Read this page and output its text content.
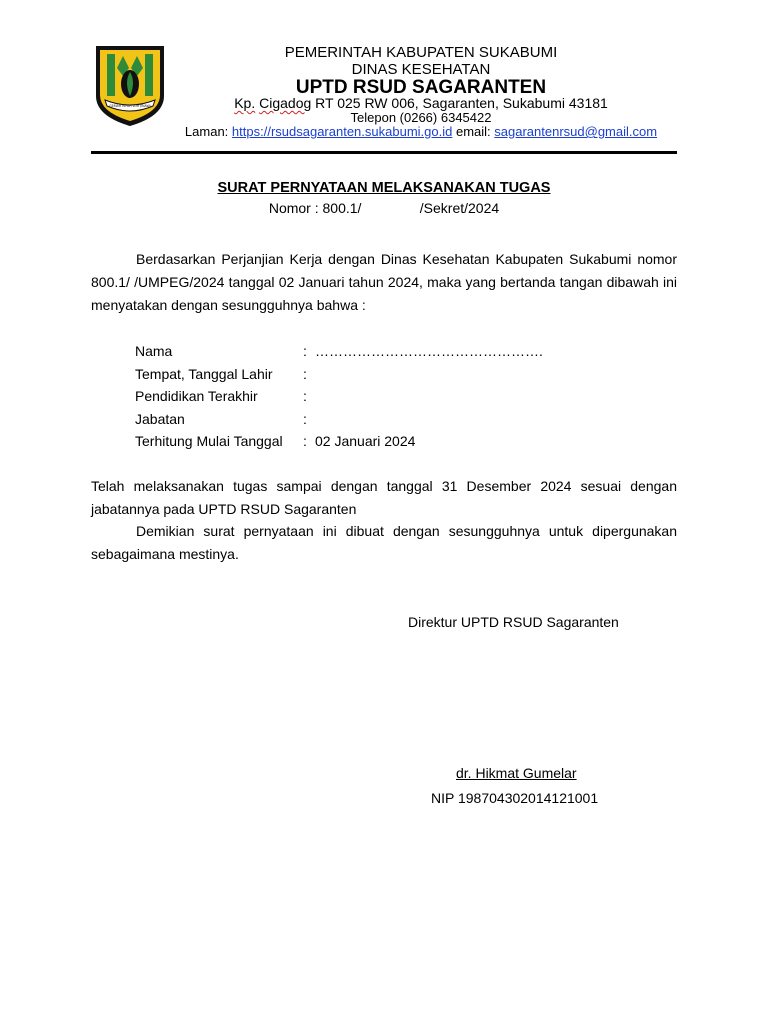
GEMAH RIPAH LOH JINAWI
PEMERINTAH KABUPATEN SUKABUMI
DINAS KESEHATAN
UPTD RSUD SAGARANTEN
Kp. Cigadog RT 025 RW 006, Sagaranten, Sukabumi 43181
Telepon (0266) 6345422
Laman: https://rsudsagaranten.sukabumi.go.id email: sagarantenrsud@gmail.com
SURAT PERNYATAAN MELAKSANAKAN TUGAS
Nomor : 800.1/               /Sekret/2024
Berdasarkan Perjanjian Kerja dengan Dinas Kesehatan Kabupaten Sukabumi nomor 800.1/ /UMPEG/2024 tanggal 02 Januari tahun 2024, maka yang bertanda tangan dibawah ini menyatakan dengan sesungguhnya bahwa :
Nama	: ………………………………………….
Tempat, Tanggal Lahir :
Pendidikan Terakhir	:
Jabatan	:
Terhitung Mulai Tanggal : 02 Januari 2024
Telah melaksanakan tugas sampai dengan tanggal 31 Desember 2024 sesuai dengan jabatannya pada UPTD RSUD Sagaranten
Demikian surat pernyataan ini dibuat dengan sesungguhnya untuk dipergunakan sebagaimana mestinya.
Direktur UPTD RSUD Sagaranten
dr. Hikmat Gumelar
NIP 198704302014121001
